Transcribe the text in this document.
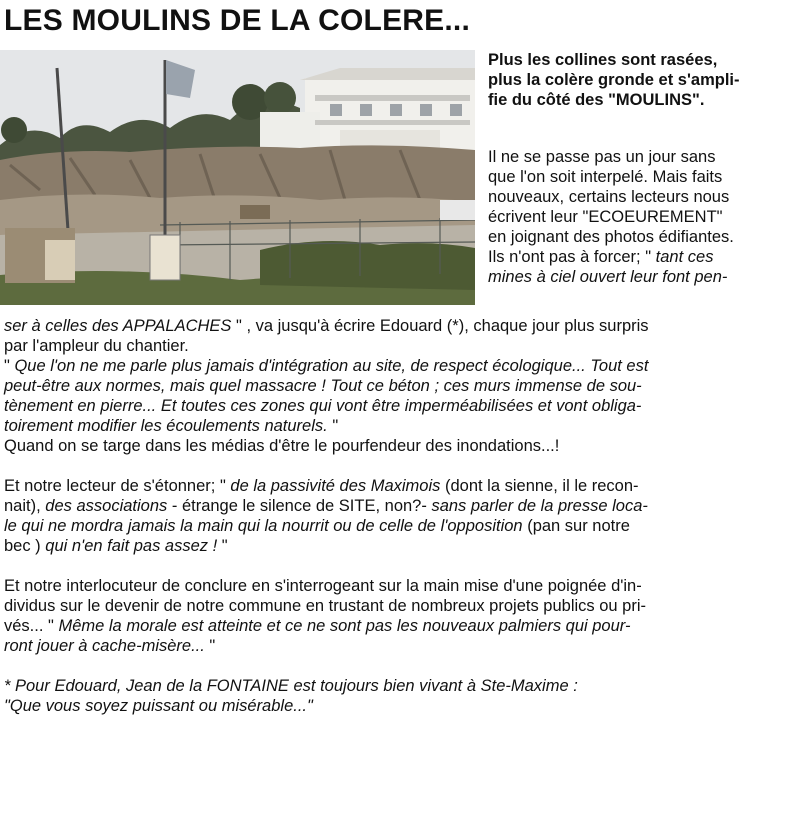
LES MOULINS DE LA COLERE...

Plus les collines sont rasées,
plus la colère gronde et s'ampli-
fie du côté des "MOULINS".

Il ne se passe pas un jour sans
que l'on soit interpelé. Mais faits
nouveaux, certains lecteurs nous
écrivent leur "ECOEUREMENT"
en joignant des photos édifiantes.
Ils n'ont pas à forcer; " tant ces
mines à ciel ouvert leur font pen-

ser à celles des APPALACHES " , va jusqu'à écrire Edouard (*), chaque jour plus surpris
par l'ampleur du chantier.
" Que l'on ne me parle plus jamais d'intégration au site, de respect écologique... Tout est
peut-être aux normes, mais quel massacre ! Tout ce béton ; ces murs immense de sou-
tènement en pierre... Et toutes ces zones qui vont être imperméabilisées et vont obliga-
toirement modifier les écoulements naturels. "
Quand on se targe dans les médias d'être le pourfendeur des inondations...!
Et notre lecteur de s'étonner; " de la passivité des Maximois (dont la sienne, il le recon-
nait), des associations - étrange le silence de SITE, non?- sans parler de la presse loca-
le qui ne mordra jamais la main qui la nourrit ou de celle de l'opposition (pan sur notre
bec ) qui n'en fait pas assez ! "
Et notre interlocuteur de conclure en s'interrogeant sur la main mise d'une poignée d'in-
dividus sur le devenir de notre commune en trustant de nombreux projets publics ou pri-
vés... " Même la morale est atteinte et ce ne sont pas les nouveaux palmiers qui pour-
ront jouer à cache-misère... "
* Pour Edouard, Jean de la FONTAINE est toujours bien vivant à Ste-Maxime :
"Que vous soyez puissant ou misérable..."
